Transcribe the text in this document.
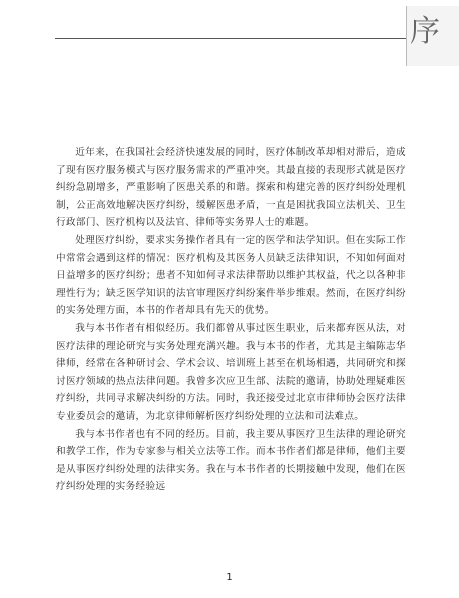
序

近年来，在我国社会经济快速发展的同时，医疗体制改革却相对滞后，造成了现有医疗服务模式与医疗服务需求的严重冲突。其最直接的表现形式就是医疗纠纷急剧增多，严重影响了医患关系的和谐。探索和构建完善的医疗纠纷处理机制，公正高效地解决医疗纠纷，缓解医患矛盾，一直是困扰我国立法机关、卫生行政部门、医疗机构以及法官、律师等实务界人士的难题。

处理医疗纠纷，要求实务操作者具有一定的医学和法学知识。但在实际工作中常常会遇到这样的情况：医疗机构及其医务人员缺乏法律知识，不知如何面对日益增多的医疗纠纷；患者不知如何寻求法律帮助以维护其权益，代之以各种非理性行为；缺乏医学知识的法官审理医疗纠纷案件举步维艰。然而，在医疗纠纷的实务处理方面，本书的作者却具有先天的优势。

我与本书作者有相似经历。我们都曾从事过医生职业，后来都弃医从法，对医疗法律的理论研究与实务处理充满兴趣。我与本书的作者，尤其是主编陈志华律师，经常在各种研讨会、学术会议、培训班上甚至在机场相遇，共同研究和探讨医疗领域的热点法律问题。我曾多次应卫生部、法院的邀请，协助处理疑难医疗纠纷，共同寻求解决纠纷的方法。同时，我还接受过北京市律师协会医疗法律专业委员会的邀请，为北京律师解析医疗纠纷处理的立法和司法难点。

我与本书作者也有不同的经历。目前，我主要从事医疗卫生法律的理论研究和教学工作，作为专家参与相关立法等工作。而本书作者们都是律师，他们主要是从事医疗纠纷处理的法律实务。我在与本书作者的长期接触中发现，他们在医疗纠纷处理的实务经验远

1
